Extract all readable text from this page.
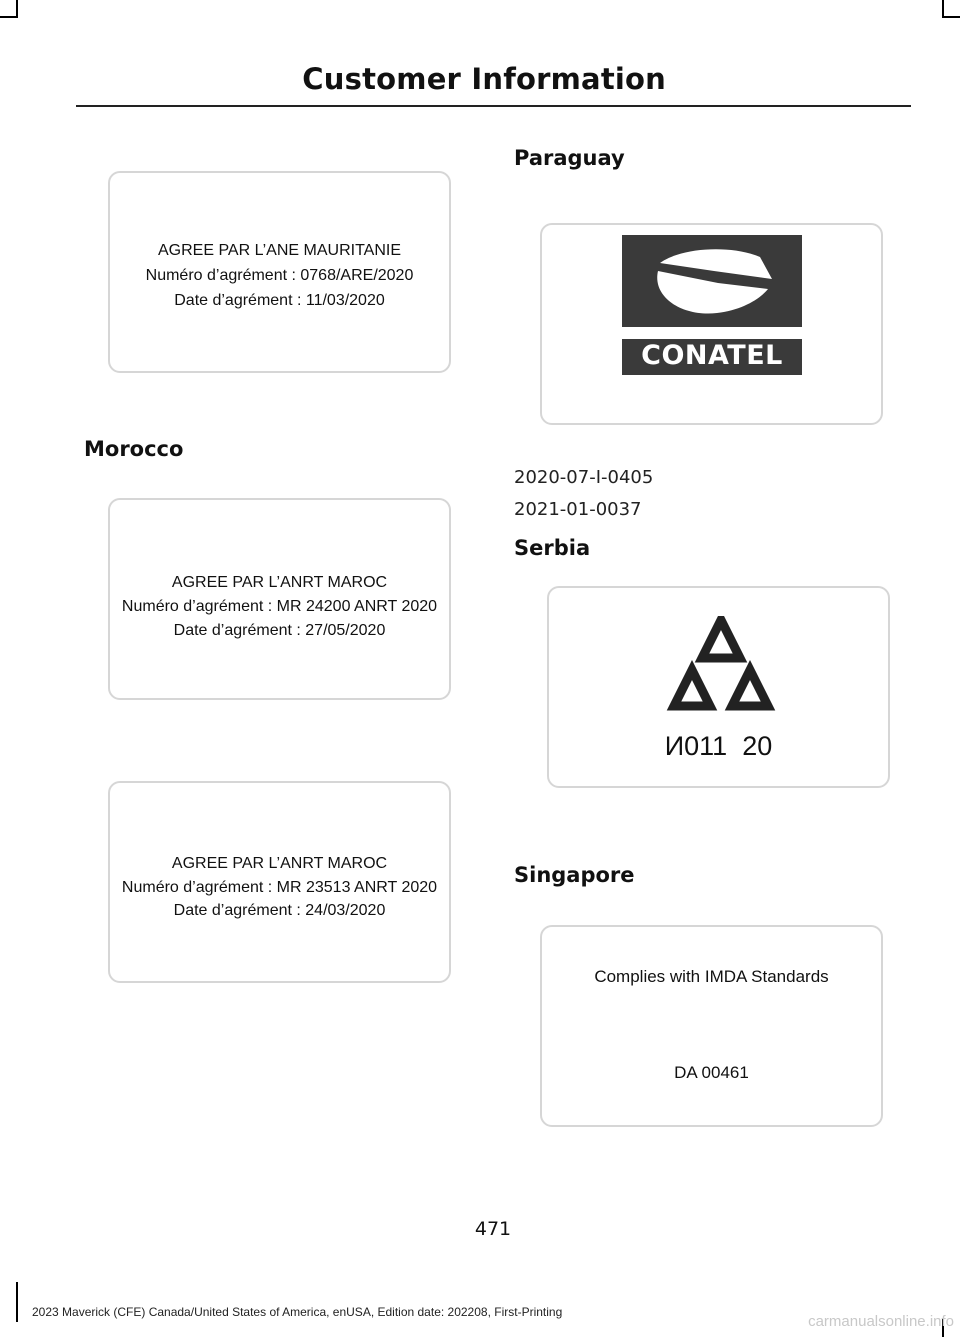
Customer Information
AGREE PAR L’ANE MAURITANIE
Numéro d’agrément : 0768/ARE/2020
Date d’agrément : 11/03/2020
Morocco
AGREE PAR L’ANRT MAROC
Numéro d’agrément : MR 24200 ANRT 2020
Date d’agrément : 27/05/2020
AGREE PAR L’ANRT MAROC
Numéro d’agrément : MR 23513 ANRT 2020
Date d’agrément : 24/03/2020
Paraguay
CONATEL
2020-07-I-0405
2021-01-0037
Serbia
И011  20
Singapore
Complies with IMDA Standards
DA 00461
471
2023 Maverick (CFE) Canada/United States of America, enUSA, Edition date: 202208, First-Printing
carmanualsonline.info
